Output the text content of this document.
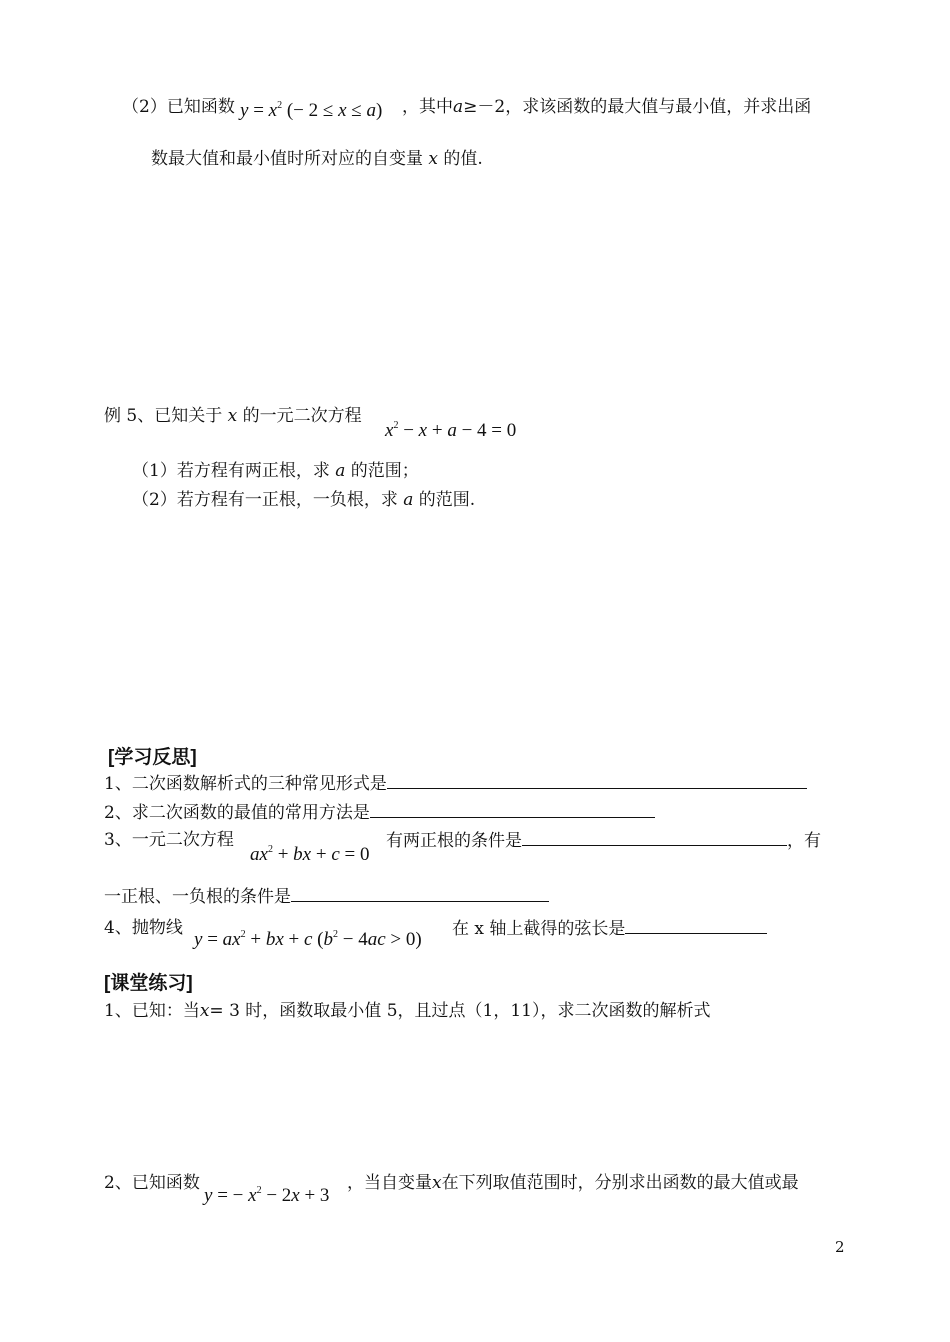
（2）已知函数 $y = x^2$ (− 2 ≤ x ≤ a) ，其中a≥－2，求该函数的最大值与最小值，并求出函
数最大值和最小值时所对应的自变量 x 的值.
例 5、已知关于 x 的一元二次方程
$x^2 - x + a - 4 = 0$
（1）若方程有两正根，求 a 的范围；
（2）若方程有一正根，一负根，求 a 的范围.
[学习反思]
1、二次函数解析式的三种常见形式是
2、求二次函数的最值的常用方法是
3、一元二次方程
$ax^2$ + bx + c = 0
有两正根的条件是	，有
一正根、一负根的条件是
4、抛物线
$y = ax^2$ + bx + c $(b^2 - 4ac > 0)$ 在 x 轴上截得的弦长是
[课堂练习]
1、已知：当x= 3 时，函数取最小值 5，且过点（1，11），求二次函数的解析式
2、已知函数
y = − $x^2 - 2x + 3$
，当自变量x在下列取值范围时，分别求出函数的最大值或最
2
